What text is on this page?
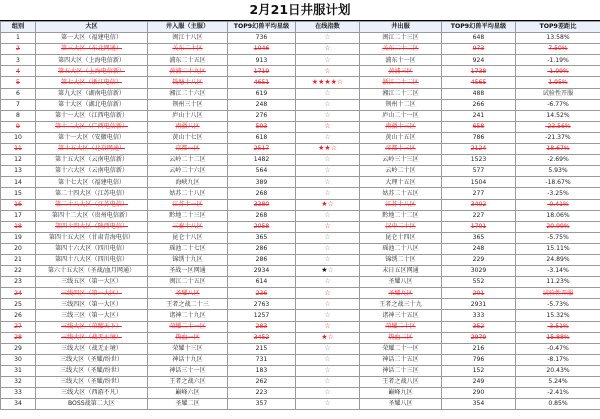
2月21日井服计划
组别	大区	井入服（主服）	TOP9幻兽平均星级	在线指数	井出服	TOP9幻兽平均星级	TOP9差距比
1	第一大区（福建电信）	闽江十八区	736	☆	闽江二十三区	648	13.58%
2	第三大区（东北网通）	关东二十区	1046	☆	关东二十二区	973	7.50%
3	第四大区（上海电信新）	浦东二十五区	913	☆	浦东十一区	924	-1.19%
4	第五大区（上海电信新）	黄浦二十九区	1719	☆	黄浦三区	1738	-1.09%
5	第七大区（浙江电信）	钱塘十八区	4651	★★★★☆	浙江二十二区	4565	1.95%
6	第九大区（湖南电信新）	湘江二十六区	619	☆	湘江二十二区	488	试验性开服
7	第十大区（湖北电信新）	荆州三十区	248	☆	荆州十二区	266	-6.77%
8	第十一大区（江西电信新）	庐山十八区	276	☆	庐山二十一区	241	14.52%
9	第十二大区（广西电信新）	南疆八区	503	☆	南疆十三区	658	-23.56%
10	第十一大区（安徽电信）	黄山十七区	618	☆	黄山十五区	786	-21.37%
11	第十五大区（北京网通）	京都一区	2517	★★☆	帝都十三区	2124	18.67%
12	第十五大区（云南电信新）	云岭二十二区	1482	☆	云岭三十三区	1523	-2.69%
13	第十六大区（云南电信新）	云岭二十六区	564	☆	云岭二十区	577	5.93%
14	第十七大区（福建电信）	海峡九区	389	☆	大理十五区	1504	-18.67%
15	第二十四大区（江苏电信）	姑苏二十八区	268	☆	姑苏二十五区	277	-3.25%
16	第二十八大区（江苏电信）	江苏十一区	3380	★☆	江苏十八区	3402	-0.41%
17	第四十二大区（贵州电信新）	黔地二十三区	268	☆	黔地二十二区	227	18.06%
18	第四十四大区（陕西电信）	三秦十八区	2058	☆	汉中二十区	1701	20.99%
19	第四十五大区（甘肃青海电信）	昆仑十八区	365	☆	昆仑十四区	365	-5.75%
20	第四十六大区（四川电信）	瑶池二十七区	286	☆	瑶池二十八区	248	15.11%
21	第四十八大区（四川电信）	锦绣十九区	286	☆	锦绣二十区	229	24.89%
22	第六十五大区（圣战/血月网通）	圣战一区网通	2934	★☆	末日五区网通	3029	-3.14%
23	三线五区（第一大区）	闽江二十五区	614	☆	圣耀八区	552	11.23%
24	三线四区（第一大区）	圣耀八区	236	☆	圣耀九区	201	试验性开服
25	三线四区（第一大区）	王者之战二十三	2763	☆	王者之战三十九	2931	-5.73%
26	三线三区（第一大区）	诸神二十九区	1257	☆	诸神三十五区	333	15.32%
27	三线大区（荣耀天下）	荣耀二十一区	283	☆	荣耀二十区	352	-3.51%
28	三线大区（战无止境）	热血一区	3452	★☆	热血二区	2979	15.88%
29	三线大区（战无止境）	荣耀十三区	215	☆	荣耀二十一区	216	-0.47%
30	三线大区（圣耀/纷世）	神话十九区	731	☆	神话二十五区	796	-8.17%
31	三线大区（圣耀/纷世）	神话三十一区	183	☆	神话二十三区	152	20.43%
32	三线大区（圣耀/纷世）	王者之战六区	262	☆	王者之战八区	249	5.24%
33	三线大区（西游不凡）	巅峰六区	223	☆	巅峰九区	290	-2.41%
34	BOSS战第二大区	圣耀二区	357	☆	圣耀八区	354	0.85%
